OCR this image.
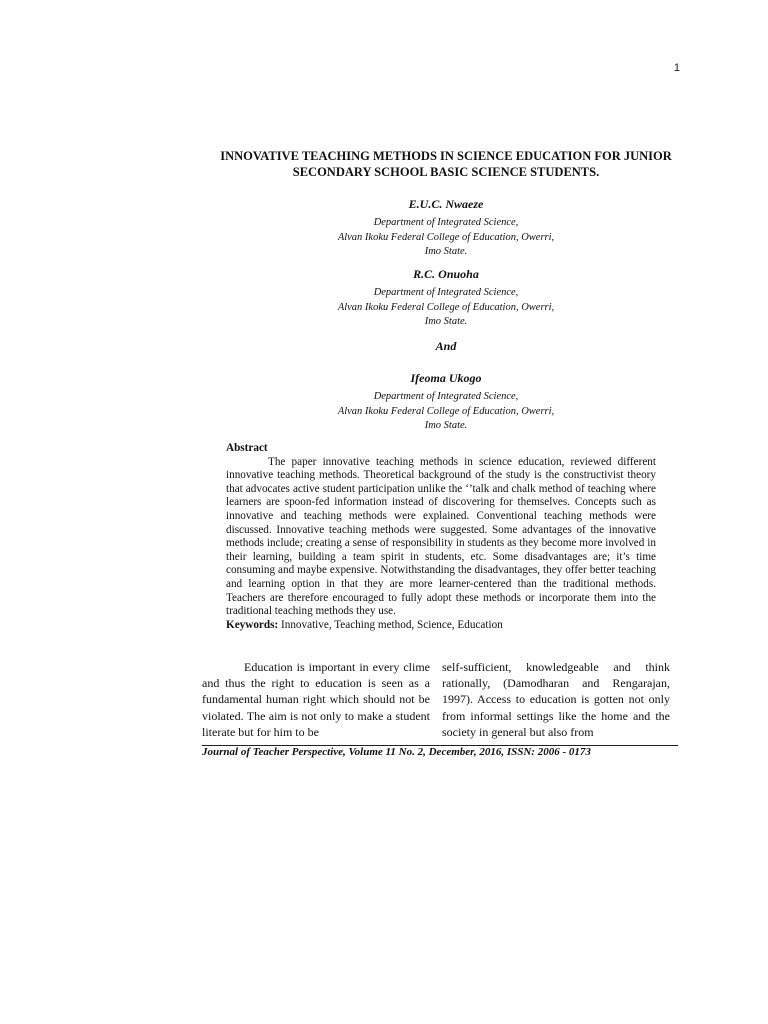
1
INNOVATIVE TEACHING METHODS IN SCIENCE EDUCATION FOR JUNIOR SECONDARY SCHOOL BASIC SCIENCE STUDENTS.
E.U.C. Nwaeze
Department of Integrated Science,
Alvan Ikoku Federal College of Education, Owerri,
Imo State.
R.C. Onuoha
Department of Integrated Science,
Alvan Ikoku Federal College of Education, Owerri,
Imo State.
And
Ifeoma Ukogo
Department of Integrated Science,
Alvan Ikoku Federal College of Education, Owerri,
Imo State.
Abstract
The paper innovative teaching methods in science education, reviewed different innovative teaching methods. Theoretical background of the study is the constructivist theory that advocates active student participation unlike the ‘’talk and chalk method of teaching where learners are spoon-fed information instead of discovering for themselves. Concepts such as innovative and teaching methods were explained. Conventional teaching methods were discussed. Innovative teaching methods were suggested. Some advantages of the innovative methods include; creating a sense of responsibility in students as they become more involved in their learning, building a team spirit in students, etc. Some disadvantages are; it’s time consuming and maybe expensive. Notwithstanding the disadvantages, they offer better teaching and learning option in that they are more learner-centered than the traditional methods. Teachers are therefore encouraged to fully adopt these methods or incorporate them into the traditional teaching methods they use.
Keywords: Innovative, Teaching method, Science, Education
Education is important in every clime and thus the right to education is seen as a fundamental human right which should not be violated. The aim is not only to make a student literate but for him to be
self-sufficient, knowledgeable and think rationally, (Damodharan and Rengarajan, 1997). Access to education is gotten not only from informal settings like the home and the society in general but also from
Journal of Teacher Perspective, Volume 11 No. 2, December, 2016, ISSN: 2006 - 0173
